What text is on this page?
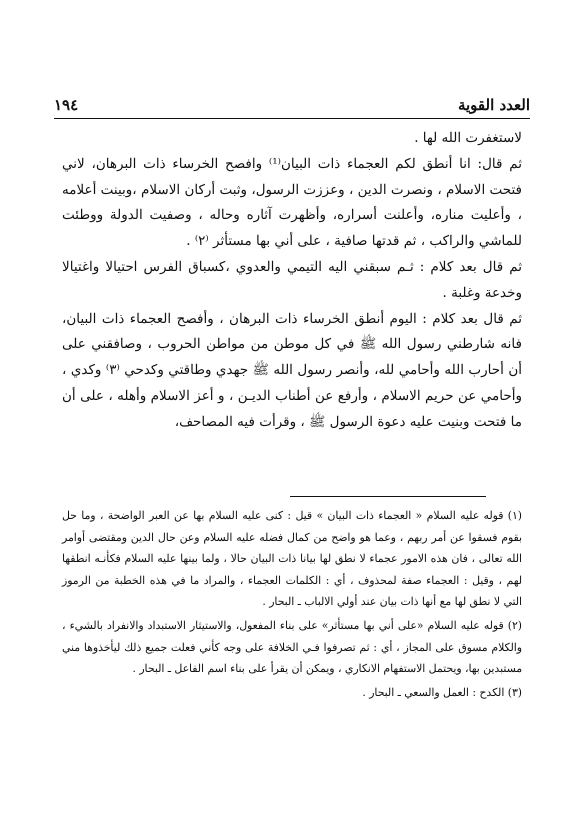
العدد القوية
١٩٤

لاستغفرت الله لها .

ثم قال: انا أنطق لكم العجماء ذات البيان⁽¹⁾ وافصح الخرساء ذات البرهان، لاني فتحت الاسلام ، ونصرت الدين ، وعززت الرسول، وثبت أركان الاسلام ،وبينت أعلامه ، وأعليت مناره، وأعلنت أسراره، وأظهرت آثاره وحاله ، وصفيت الدولة ووطئت للماشي والراكب ، ثم قدتها صافية ، على أني بها مستأثر ⁽٢⁾ .

ثم قال بعد كلام : ثـم سبقني اليه التيمي والعدوي ،كسباق الفرس احتيالا واغتيالا وخدعة وغلبة .

ثم قال بعد كلام : اليوم أنطق الخرساء ذات البرهان ، وأفصح العجماء ذات البيان، فانه شارطني رسول الله ﷺ في كل موطن من مواطن الحروب ، وصافقني على أن أحارب الله وأحامي لله، وأنصر رسول الله ﷺ جهدي وطاقتي وكدحي ⁽٣⁾ وكدي ، وأحامي عن حريم الاسلام ، وأرفع عن أطناب الديـن ، و أعز الاسلام وأهله ، على أن ما فتحت وبنيت عليه دعوة الرسول ﷺ ، وقرأت فيه المصاحف،

(١) قوله عليه السلام « العجماء ذات البيان » قيل : كنى عليه السلام بها عن العبر الواضحة ، وما حل بقوم فسقوا عن أمر ربهم ، وعما هو واضح من كمال فضله عليه السلام وعن حال الدين ومقتضى أوامر الله تعالى ، فان هذه الامور عجماء لا نطق لها بيانا ذات البيان حالا ، ولما بينها عليه السلام فكأنـه انطقها لهم ، وقيل : العجماء صفة لمحذوف ، أي : الكلمات العجماء ، والمراد ما في هذه الخطبة من الرموز التي لا نطق لها مع أنها ذات بيان عند أولي الالباب ـ البحار .

(٢) قوله عليه السلام «على أني بها مستأثر» على بناء المفعول، والاستيثار الاستبداد والانفراد بالشيء ، والكلام مسوق على المجاز ، أي : ثم تصرفوا فـي الخلافة على وجه كأني فعلت جميع ذلك ليأخذوها مني مستبدين بها، ويحتمل الاستفهام الانكاري ، ويمكن أن يقرأ على بناء اسم الفاعل ـ البحار .

(٣) الكدح : العمل والسعي ـ البحار .
